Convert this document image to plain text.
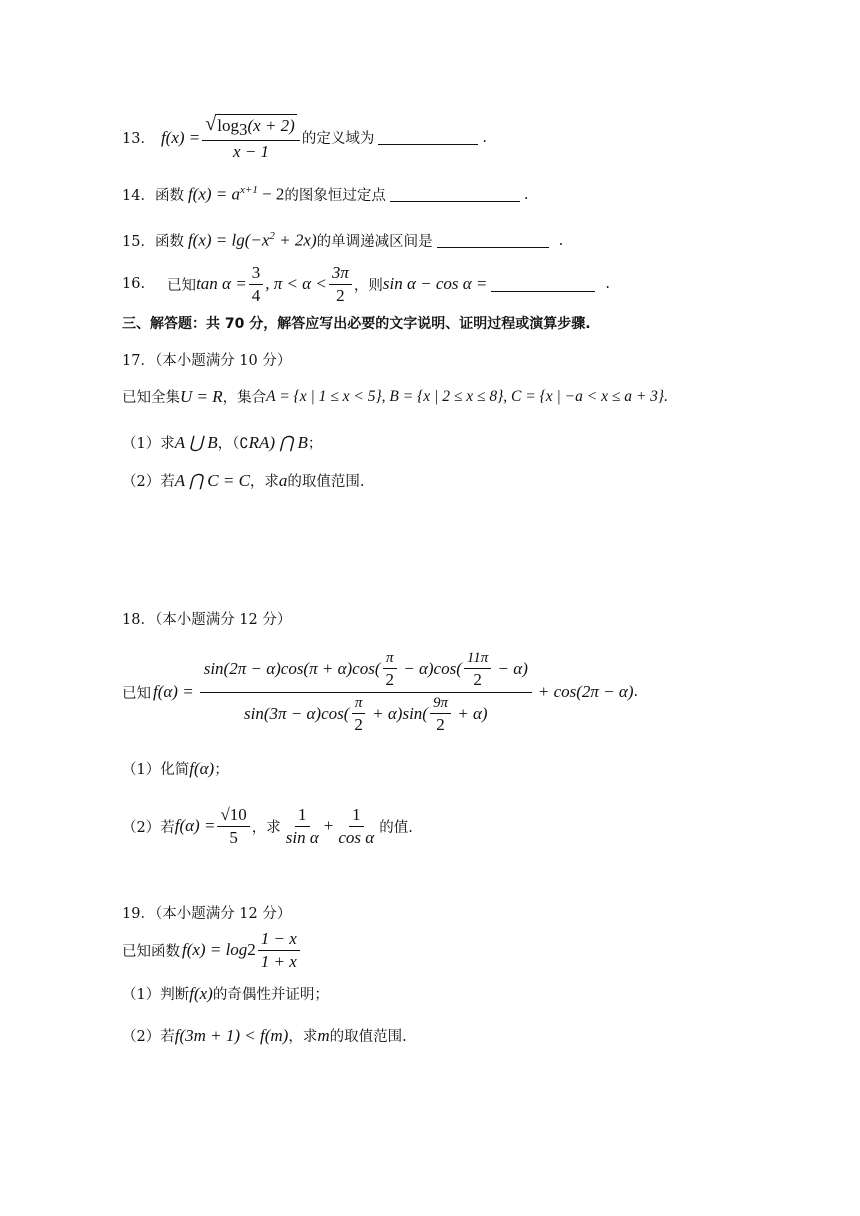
13． $f(x) = \frac{√ \log_3(x + 2)}{x - 1}$ 的定义域为	.
14． 函数 $f(x) = a^{x+1} - 2$ 的图象恒过定点	.
15． 函数 $f(x) = \lg(-x^2 + 2x)$ 的单调递减区间是	.
16. 已知 $\tan \alpha = \frac{3}{4}$ , $\pi < \alpha < \frac{3\pi}{2}$ ，则 sin α − cos α =	.
三、解答题：共 70 分，解答应写出必要的文字说明、证明过程或演算步骤.
17．（本小题满分 10 分）
已知全集 U = R ，集合 A = {x | 1 ≤ x < 5}, B = {x | 2 ≤ x ≤ 8}, C = {x | −a < x ≤ a + 3}.
（1）求 A ⋃ B ，（∁ R A) ⋂ B ；
（2）若 A ⋂ C = C ，求 a 的取值范围.
18．（本小题满分 12 分）
已知 $f(\alpha) = \frac{\sin(2\pi - \alpha)\cos(\pi + \alpha)\cos( \frac{\pi}{2} - \alpha)\cos( \frac{11\pi}{2} - \alpha)}{\sin(3\pi - \alpha)\cos( \frac{\pi}{2} + \alpha)\sin( \frac{9\pi}{2} + \alpha)} + \cos(2\pi - \alpha)$ .
（1）化简 f(α) ；
（2）若 $f(\alpha) = \frac{√10}{5}$ ，求 $\frac{1}{\text{sin α}} + \frac{1}{\text{cos α}}$ 的值.
19．（本小题满分 12 分）
已知函数 $f(x) = \log 2 \frac{1 - x}{1 + x}$
（1）判断 f(x) 的奇偶性并证明；
（2）若 f(3m + 1) < f(m) ，求 m 的取值范围.
